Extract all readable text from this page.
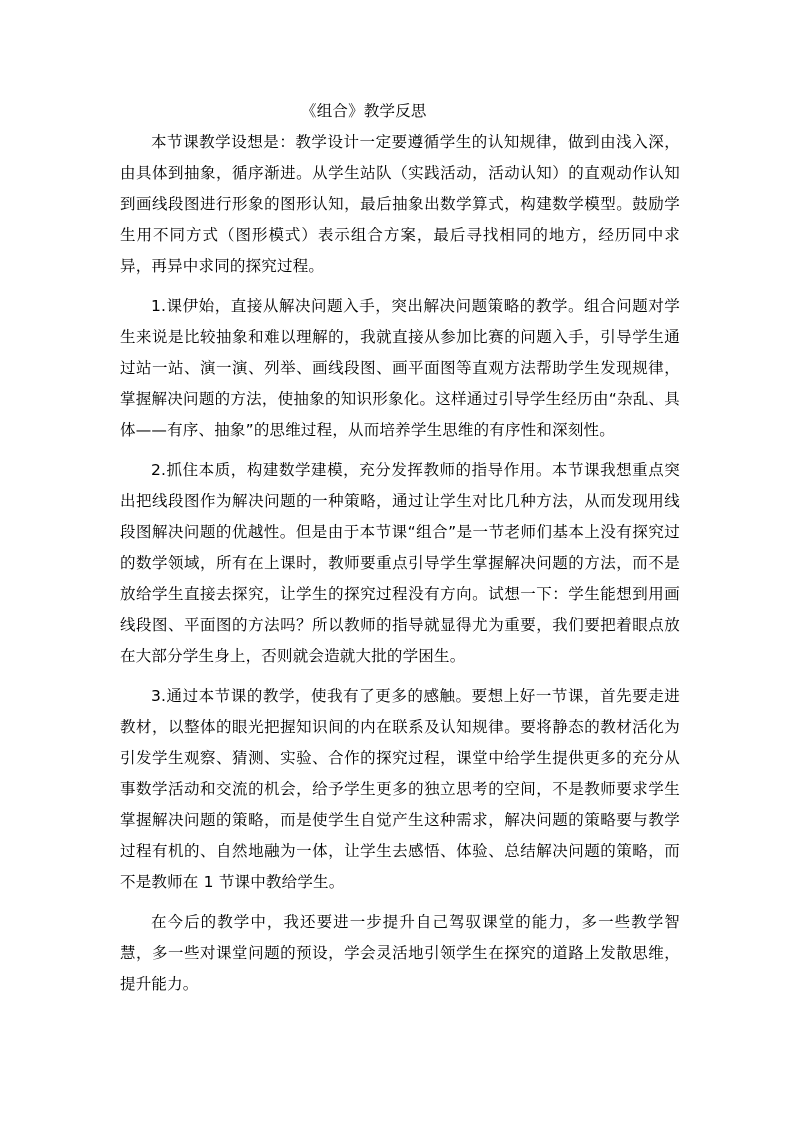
《组合》教学反思

本节课教学设想是：教学设计一定要遵循学生的认知规律，做到由浅入深，由具体到抽象，循序渐进。从学生站队（实践活动，活动认知）的直观动作认知到画线段图进行形象的图形认知，最后抽象出数学算式，构建数学模型。鼓励学生用不同方式（图形模式）表示组合方案，最后寻找相同的地方，经历同中求异，再异中求同的探究过程。

1.课伊始，直接从解决问题入手，突出解决问题策略的教学。组合问题对学生来说是比较抽象和难以理解的，我就直接从参加比赛的问题入手，引导学生通过站一站、演一演、列举、画线段图、画平面图等直观方法帮助学生发现规律，掌握解决问题的方法，使抽象的知识形象化。这样通过引导学生经历由“杂乱、具体——有序、抽象”的思维过程，从而培养学生思维的有序性和深刻性。

2.抓住本质，构建数学建模，充分发挥教师的指导作用。本节课我想重点突出把线段图作为解决问题的一种策略，通过让学生对比几种方法，从而发现用线段图解决问题的优越性。但是由于本节课“组合”是一节老师们基本上没有探究过的数学领域，所有在上课时，教师要重点引导学生掌握解决问题的方法，而不是放给学生直接去探究，让学生的探究过程没有方向。试想一下：学生能想到用画线段图、平面图的方法吗？所以教师的指导就显得尤为重要，我们要把着眼点放在大部分学生身上，否则就会造就大批的学困生。

3.通过本节课的教学，使我有了更多的感触。要想上好一节课，首先要走进教材，以整体的眼光把握知识间的内在联系及认知规律。要将静态的教材活化为引发学生观察、猜测、实验、合作的探究过程，课堂中给学生提供更多的充分从事数学活动和交流的机会，给予学生更多的独立思考的空间，不是教师要求学生掌握解决问题的策略，而是使学生自觉产生这种需求，解决问题的策略要与教学过程有机的、自然地融为一体，让学生去感悟、体验、总结解决问题的策略，而不是教师在 1 节课中教给学生。

在今后的教学中，我还要进一步提升自己驾驭课堂的能力，多一些教学智慧，多一些对课堂问题的预设，学会灵活地引领学生在探究的道路上发散思维，提升能力。
